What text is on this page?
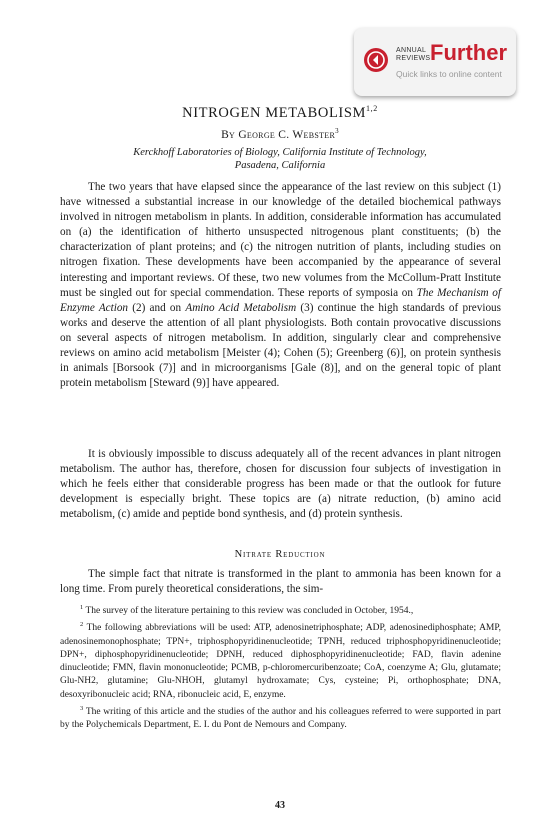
ANNUAL
REVIEWS Further
Quick links to online content
NITROGEN METABOLISM$^{1,2}$
By George C. Webster$^3$
Kerckhoff Laboratories of Biology, California Institute of Technology,
Pasadena, California

The two years that have elapsed since the appearance of the last review on this subject (1) have witnessed a substantial increase in our knowledge of the detailed biochemical pathways involved in nitrogen metabolism in plants. In addition, considerable information has accumulated on (a) the identification of hitherto unsuspected nitrogenous plant constituents; (b) the characterization of plant proteins; and (c) the nitrogen nutrition of plants, including studies on nitrogen fixation. These developments have been accompanied by the appearance of several interesting and important reviews. Of these, two new volumes from the McCollum-Pratt Institute must be singled out for special commendation. These reports of symposia on The Mechanism of Enzyme Action (2) and on Amino Acid Metabolism (3) continue the high standards of previous works and deserve the attention of all plant physiologists. Both contain provocative discussions on several aspects of nitrogen metabolism. In addition, singularly clear and comprehensive reviews on amino acid metabolism [Meister (4); Cohen (5); Greenberg (6)], on protein synthesis in animals [Borsook (7)] and in microorganisms [Gale (8)], and on the general topic of plant protein metabolism [Steward (9)] have appeared.

It is obviously impossible to discuss adequately all of the recent advances in plant nitrogen metabolism. The author has, therefore, chosen for discussion four subjects of investigation in which he feels either that considerable progress has been made or that the outlook for future development is especially bright. These topics are (a) nitrate reduction, (b) amino acid metabolism, (c) amide and peptide bond synthesis, and (d) protein synthesis.

Nitrate Reduction

The simple fact that nitrate is transformed in the plant to ammonia has been known for a long time. From purely theoretical considerations, the sim-

$^1$ The survey of the literature pertaining to this review was concluded in October, 1954.,

$^2$ The following abbreviations will be used: ATP, adenosinetriphosphate; ADP, adenosinediphosphate; AMP, adenosinemonophosphate; TPN+, triphosphopyridinenucleotide; TPNH, reduced triphosphopyridinenucleotide; DPN+, diphosphopyridinenucleotide; DPNH, reduced diphosphopyridinenucleotide; FAD, flavin adenine dinucleotide; FMN, flavin mononucleotide; PCMB, p-chloromercuribenzoate; CoA, coenzyme A; Glu, glutamate; Glu-NH2, glutamine; Glu-NHOH, glutamyl hydroxamate; Cys, cysteine; Pi, orthophosphate; DNA, desoxyribonucleic acid; RNA, ribonucleic acid, E, enzyme.

$^3$ The writing of this article and the studies of the author and his colleagues referred to were supported in part by the Polychemicals Department, E. I. du Pont de Nemours and Company.

43
